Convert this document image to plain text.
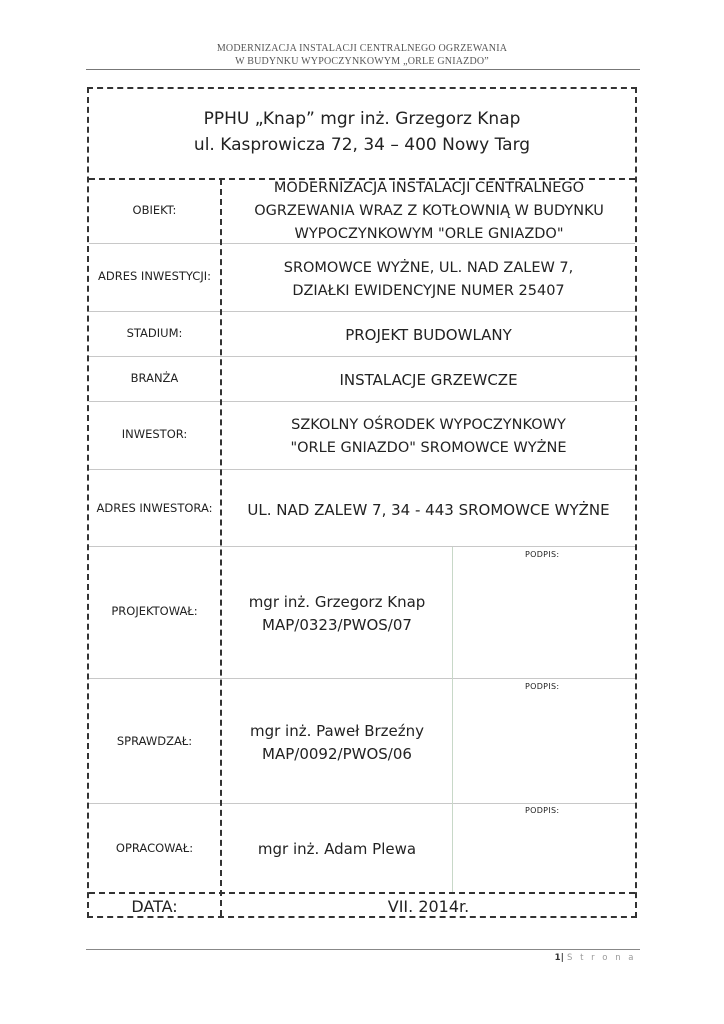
MODERNIZACJA INSTALACJI CENTRALNEGO OGRZEWANIA
W BUDYNKU WYPOCZYNKOWYM „ORLE GNIAZDO”
PPHU „Knap” mgr inż. Grzegorz Knap
ul. Kasprowicza 72, 34 – 400 Nowy Targ
OBIEKT:
MODERNIZACJA INSTALACJI CENTRALNEGO OGRZEWANIA WRAZ Z KOTŁOWNIĄ W BUDYNKU WYPOCZYNKOWYM "ORLE GNIAZDO"
ADRES INWESTYCJI:	SROMOWCE WYŻNE, UL. NAD ZALEW 7,
DZIAŁKI EWIDENCYJNE NUMER 25407
STADIUM:	PROJEKT BUDOWLANY
BRANŻA	INSTALACJE GRZEWCZE
INWESTOR:
SZKOLNY OŚRODEK WYPOCZYNKOWY
"ORLE GNIAZDO" SROMOWCE WYŻNE
ADRES INWESTORA:	UL. NAD ZALEW 7, 34 - 443 SROMOWCE WYŻNE
PROJEKTOWAŁ:	mgr inż. Grzegorz Knap
MAP/0323/PWOS/07
PODPIS:
SPRAWDZAŁ:
mgr inż. Paweł Brzeźny
MAP/0092/PWOS/06
PODPIS:
OPRACOWAŁ:	mgr inż. Adam Plewa
PODPIS:
DATA:	VII. 2014r.
1| S t r o n a
